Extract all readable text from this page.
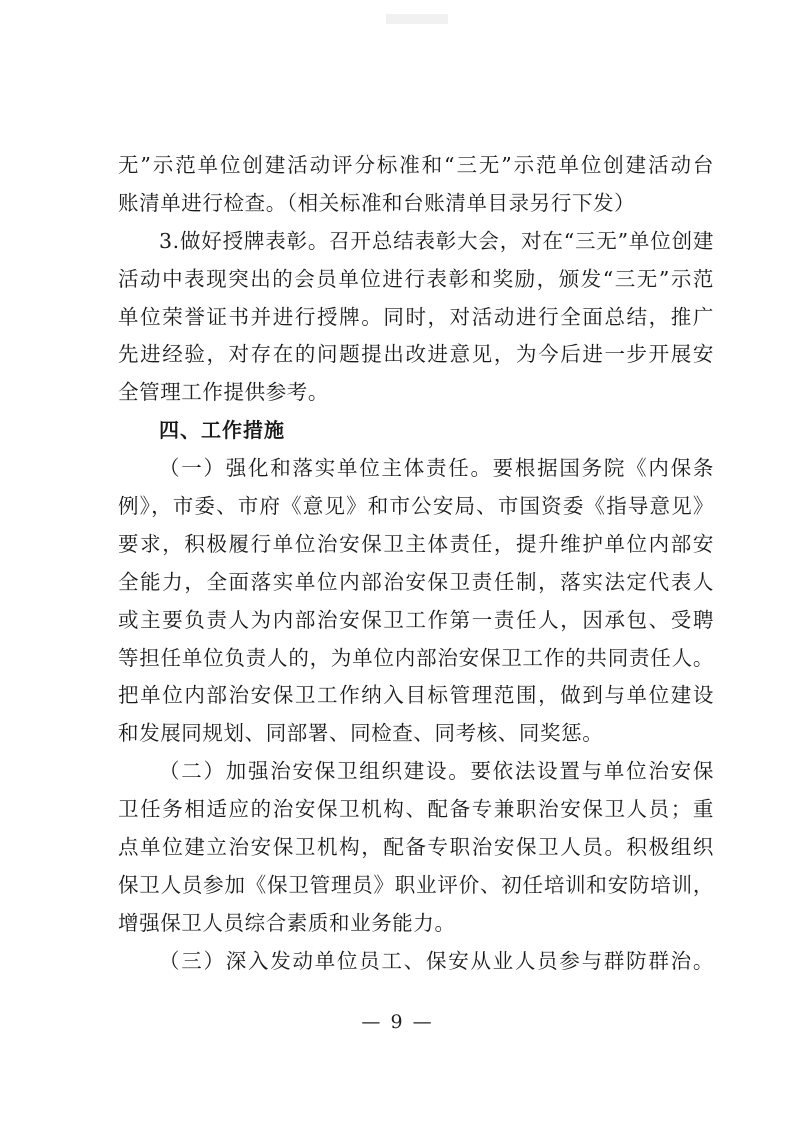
无”示范单位创建活动评分标准和“三无”示范单位创建活动台
账清单进行检查。（相关标准和台账清单目录另行下发）
3.做好授牌表彰。召开总结表彰大会，对在“三无”单位创建
活动中表现突出的会员单位进行表彰和奖励，颁发“三无”示范
单位荣誉证书并进行授牌。同时，对活动进行全面总结，推广
先进经验，对存在的问题提出改进意见，为今后进一步开展安
全管理工作提供参考。
四、工作措施
（一）强化和落实单位主体责任。要根据国务院《内保条
例》，市委、市府《意见》和市公安局、市国资委《指导意见》
要求，积极履行单位治安保卫主体责任，提升维护单位内部安
全能力，全面落实单位内部治安保卫责任制，落实法定代表人
或主要负责人为内部治安保卫工作第一责任人，因承包、受聘
等担任单位负责人的，为单位内部治安保卫工作的共同责任人。
把单位内部治安保卫工作纳入目标管理范围，做到与单位建设
和发展同规划、同部署、同检查、同考核、同奖惩。
（二）加强治安保卫组织建设。要依法设置与单位治安保
卫任务相适应的治安保卫机构、配备专兼职治安保卫人员；重
点单位建立治安保卫机构，配备专职治安保卫人员。积极组织
保卫人员参加《保卫管理员》职业评价、初任培训和安防培训，
增强保卫人员综合素质和业务能力。
（三）深入发动单位员工、保安从业人员参与群防群治。
— 9 —
